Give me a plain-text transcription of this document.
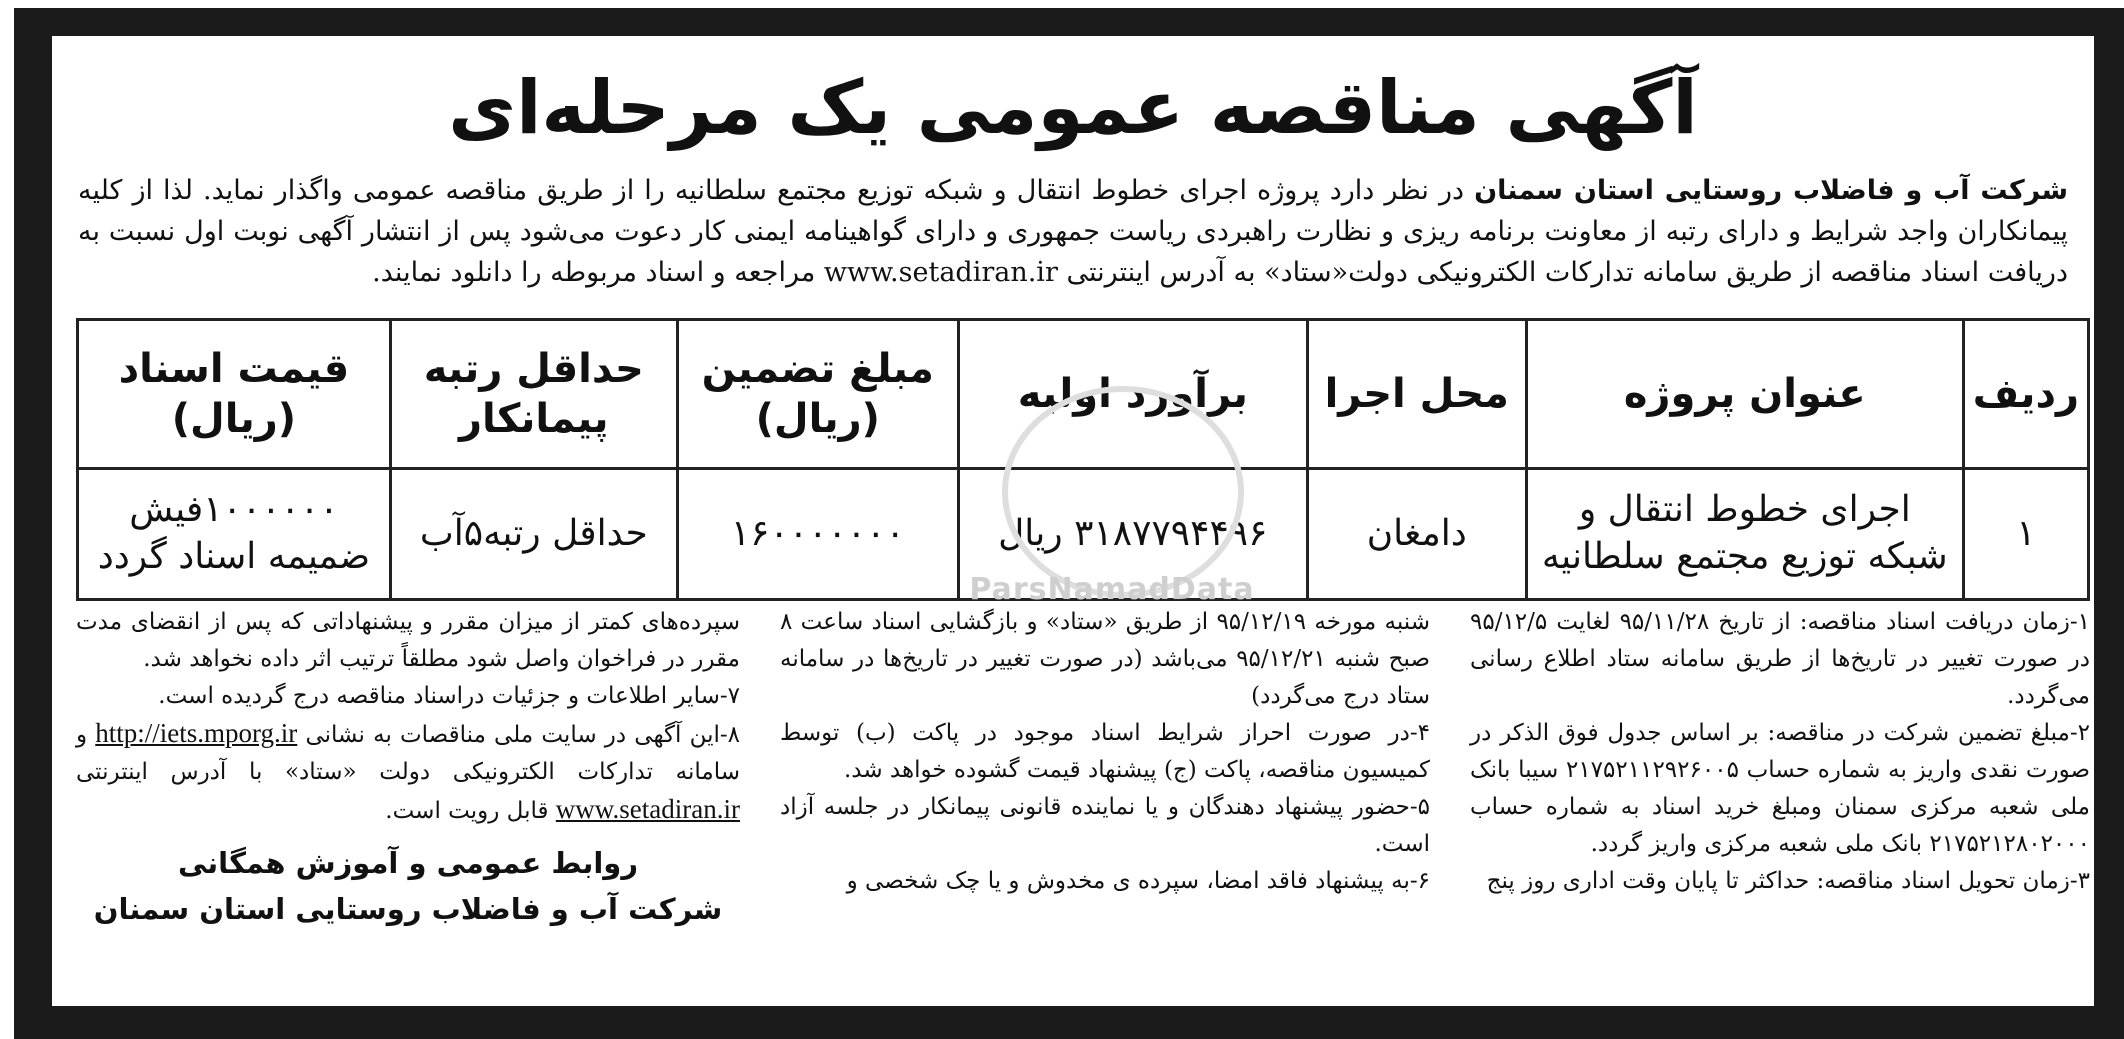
آگهی مناقصه عمومی یک مرحله‌ای
شرکت آب و فاضلاب روستایی استان سمنان در نظر دارد پروژه اجرای خطوط انتقال و شبکه توزیع مجتمع سلطانیه را از طریق مناقصه عمومی واگذار نماید. لذا از کلیه پیمانکاران واجد شرایط و دارای رتبه از معاونت برنامه ریزی و نظارت راهبردی ریاست جمهوری و دارای گواهینامه ایمنی کار دعوت می‌شود پس از انتشار آگهی نوبت اول نسبت به دریافت اسناد مناقصه از طریق سامانه تدارکات الکترونیکی دولت«ستاد» به آدرس اینترنتی www.setadiran.ir مراجعه و اسناد مربوطه را دانلود نمایند.
ردیف	عنوان پروژه	محل اجرا	برآورد اولیه	مبلغ تضمین (ریال)	حداقل رتبه پیمانکار	قیمت اسناد (ریال)
۱	اجرای خطوط انتقال و شبکه توزیع مجتمع سلطانیه	دامغان	۳۱۸۷۷۹۴۴۹۶ ریال	۱۶۰۰۰۰۰۰۰	حداقل رتبه۵آب	۱۰۰۰۰۰۰فیش ضمیمه اسناد گردد
ParsNamadData

۱-زمان دریافت اسناد مناقصه: از تاریخ ۹۵/۱۱/۲۸ لغایت ۹۵/۱۲/۵ در صورت تغییر در تاریخ‌ها از طریق سامانه ستاد اطلاع رسانی می‌گردد.

۲-مبلغ تضمین شرکت در مناقصه: بر اساس جدول فوق الذکر در صورت نقدی واریز به شماره حساب ۲۱۷۵۲۱۱۲۹۲۶۰۰۵ سیبا بانک ملی شعبه مرکزی سمنان ومبلغ خرید اسناد به شماره حساب ۲۱۷۵۲۱۲۸۰۲۰۰۰ بانک ملی شعبه مرکزی واریز گردد.

۳-زمان تحویل اسناد مناقصه: حداکثر تا پایان وقت اداری روز پنج

شنبه مورخه ۹۵/۱۲/۱۹ از طریق «ستاد» و بازگشایی اسناد ساعت ۸ صبح شنبه ۹۵/۱۲/۲۱ می‌باشد (در صورت تغییر در تاریخ‌ها در سامانه ستاد درج می‌گردد)

۴-در صورت احراز شرایط اسناد موجود در پاکت (ب) توسط کمیسیون مناقصه، پاکت (ج) پیشنهاد قیمت گشوده خواهد شد.

۵-حضور پیشنهاد دهندگان و یا نماینده قانونی پیمانکار در جلسه آزاد است.

۶-به پیشنهاد فاقد امضا، سپرده ی مخدوش و یا چک شخصی و

سپرده‌های کمتر از میزان مقرر و پیشنهاداتی که پس از انقضای مدت مقرر در فراخوان واصل شود مطلقاً ترتیب اثر داده نخواهد شد.

۷-سایر اطلاعات و جزئیات دراسناد مناقصه درج گردیده است.

۸-این آگهی در سایت ملی مناقصات به نشانی http://iets.mporg.ir و سامانه تدارکات الکترونیکی دولت «ستاد» با آدرس اینترنتی www.setadiran.ir قابل رویت است.

روابط عمومی و آموزش همگانی
شرکت آب و فاضلاب روستایی استان سمنان
